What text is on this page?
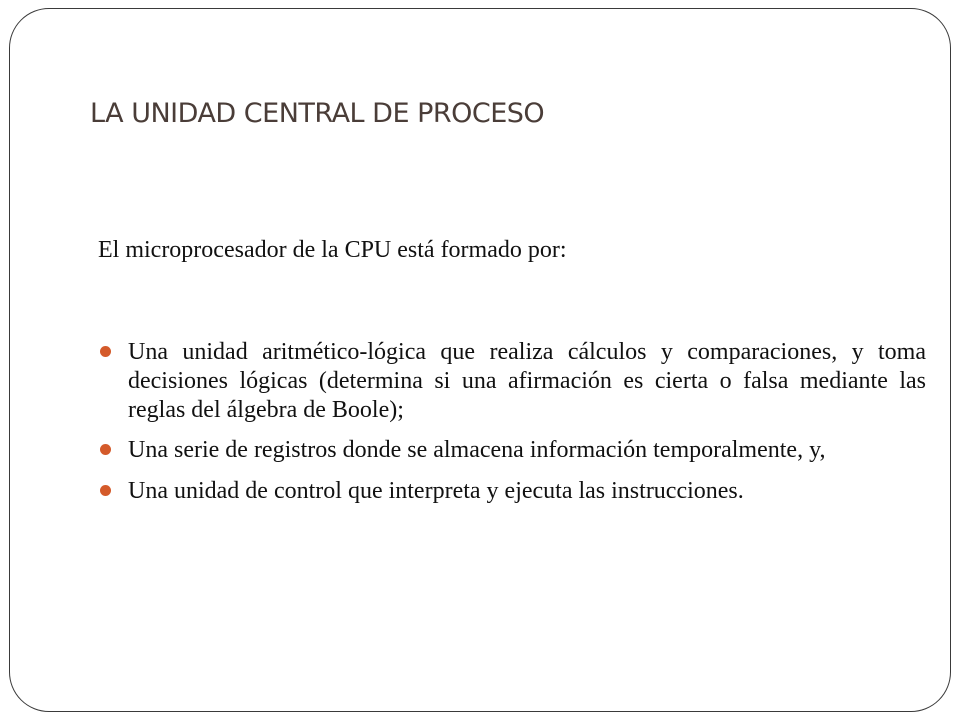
LA UNIDAD CENTRAL DE PROCESO

El microprocesador de la CPU está formado por:

Una unidad aritmético-lógica que realiza cálculos y comparaciones, y toma decisiones lógicas (determina si una afirmación es cierta o falsa mediante las reglas del álgebra de Boole);
Una serie de registros donde se almacena información temporalmente, y,
Una unidad de control que interpreta y ejecuta las instrucciones.
